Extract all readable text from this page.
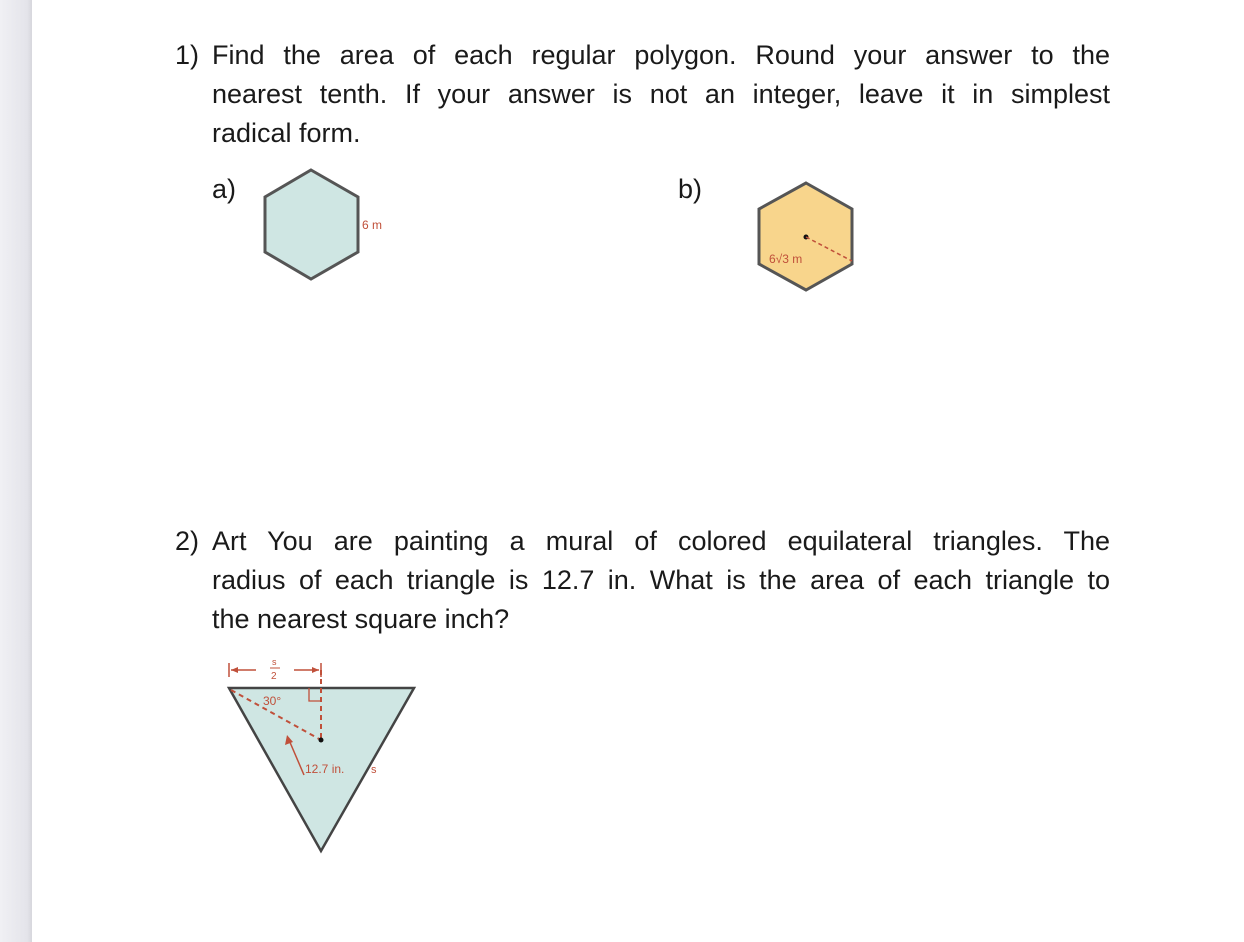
1) Find the area of each regular polygon. Round your answer to the
nearest tenth. If your answer is not an integer, leave it in simplest
radical form.
a)	b)
6 m
6√3 m
2) Art You are painting a mural of colored equilateral triangles. The
radius of each triangle is 12.7 in. What is the area of each triangle to
the nearest square inch?
s
2
30°
12.7 in. s
